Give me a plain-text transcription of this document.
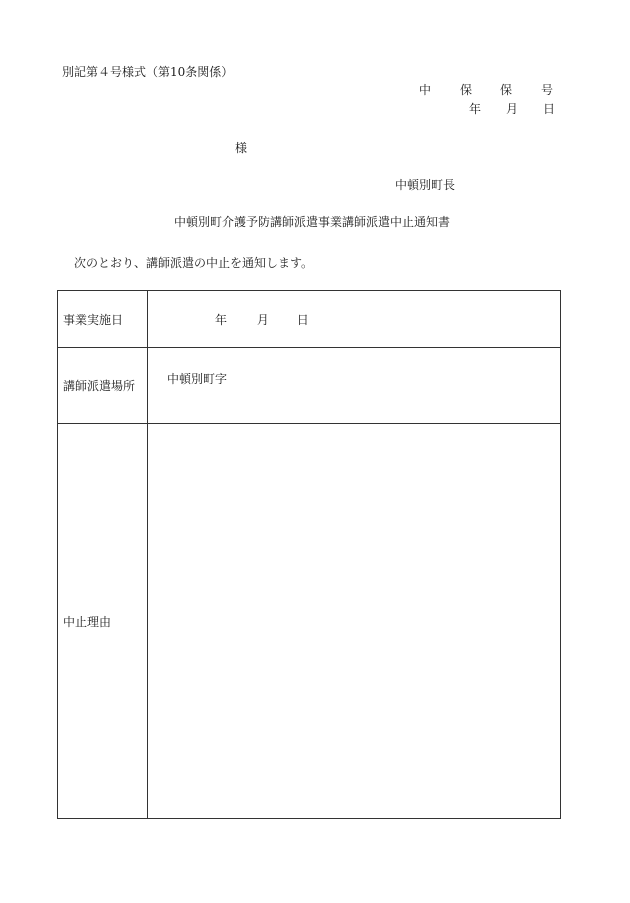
別記第４号様式（第10条関係）
中 保 保 号
年 月 日
様
中頓別町長
中頓別町介護予防講師派遣事業講師派遣中止通知書
次のとおり、講師派遣の中止を通知します。
事業実施日	年 月 日
講師派遣場所	中頓別町字
中止理由	
